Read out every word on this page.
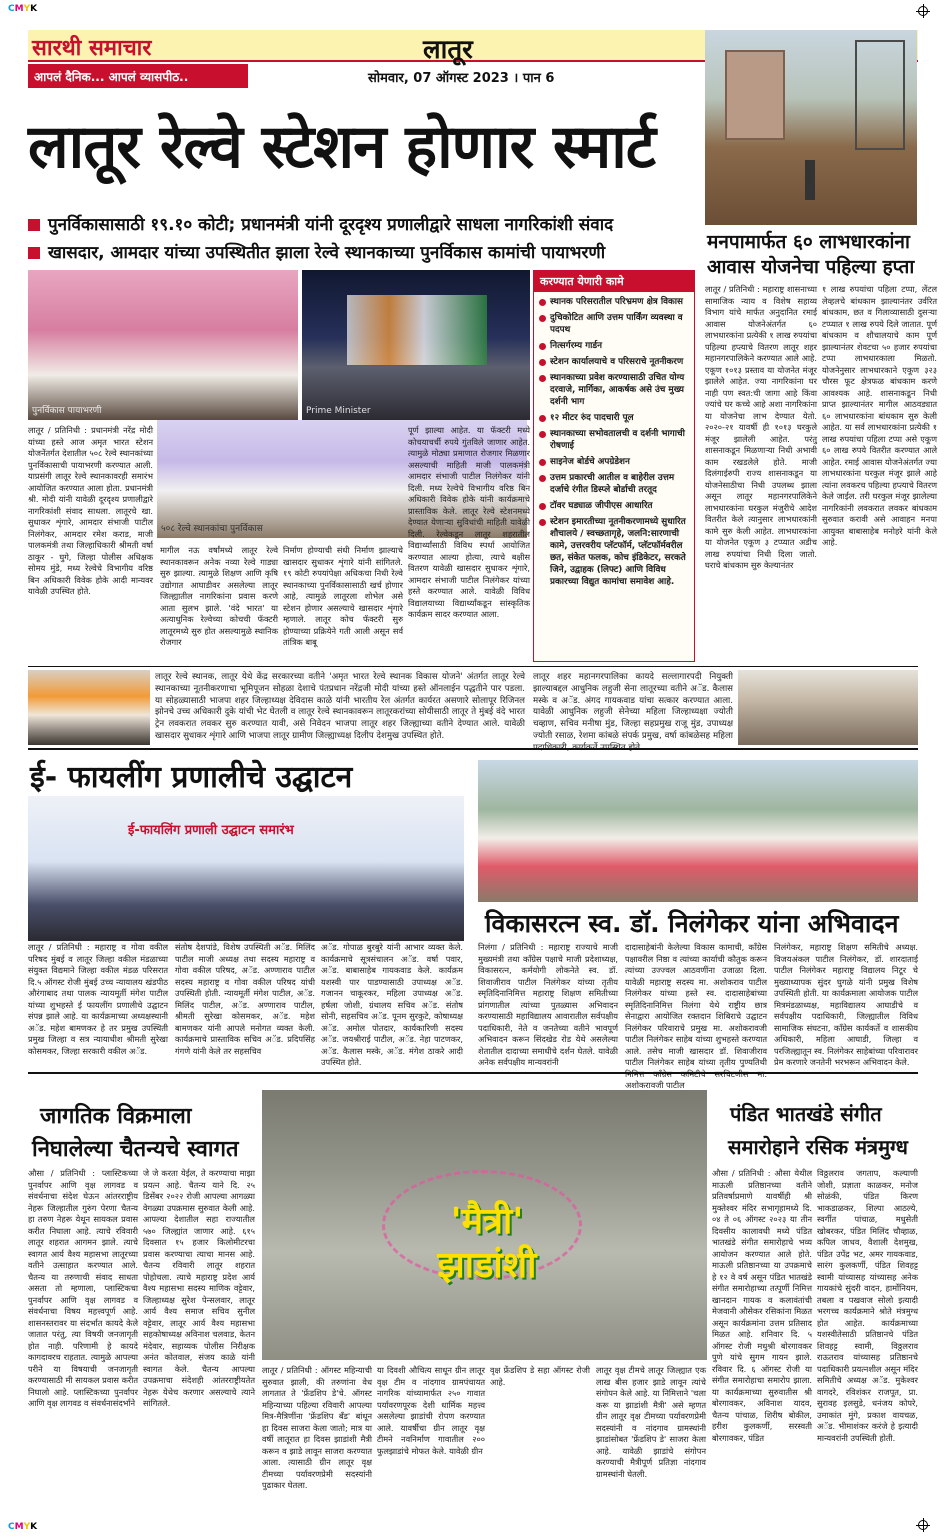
CMYK
CMYK
सारथी समाचार	लातूर
आपलं दैनिक... आपलं व्यासपीठ..	सोमवार, 07 ऑगस्ट 2023 । पान 6
लातूर रेल्वे स्टेशन होणार स्मार्ट
पुनर्विकासासाठी १९.१० कोटी; प्रधानमंत्री यांनी दूरदृश्य प्रणालीद्वारे साधला नागरिकांशी संवाद
खासदार, आमदार यांच्या उपस्थितीत झाला रेल्वे स्थानकाच्या पुनर्विकास कामांची पायाभरणी
पुनर्विकास पायाभरणी	Prime Minister
५०८ रेल्वे स्थानकांचा पुनर्विकास
लातूर / प्रतिनिधी : प्रधानमंत्री नरेंद्र मोदी यांच्या हस्ते आज अमृत भारत स्टेशन योजनेंतर्गत देशातील ५०८ रेल्वे स्थानकांच्या पुनर्विकासाची पायाभरणी करण्यात आली. याप्रसंगी लातूर रेल्वे स्थानकावरही समारंभ आयोजित करण्यात आला होता. प्रधानमंत्री श्री. मोदी यांनी यावेळी दूरदृश्य प्रणालीद्वारे नागरिकांशी संवाद साधला. लातूरचे खा. सुधाकर शृंगारे, आमदार संभाजी पाटील निलंगेकर, आमदार रमेश कराड, माजी पालकमंत्री तथा जिल्हाधिकारी श्रीमती वर्षा ठाकूर - घुगे, जिल्हा पोलीस अधिक्षक सोमय मुंडे, मध्य रेल्वेचे विभागीय वरिष्ठ बिन अधिकारी विवेक होके आदी मान्यवर यावेळी उपस्थित होते.
मागील नऊ वर्षांमध्ये लातूर रेल्वे स्थानकावरून अनेक नव्या रेल्वे गाड्या सुरु झाल्या. त्यामुळे शिक्षण आणि कृषि उद्योगात आघाडीवर असलेल्या लातूर जिल्ह्यातील नागरिकांना प्रवास करणे आता सुलभ झाले. 'वंदे भारत' या अत्याधुनिक रेल्वेच्या कोचची फॅक्टरी लातूरमध्ये सुरु होत असल्यामुळे स्थानिक रोजगार
निर्माण होण्याची संधी निर्माण झाल्याचे खासदार सुधाकर शृंगारे यांनी सांगितले. १९ कोटी रुपयांपेक्षा अधिकचा निधी रेल्वे स्थानकाच्या पुनर्विकासासाठी खर्च होणार आहे, त्यामुळे लातूरला शोभेल असे स्टेशन होणार असल्याचे खासदार शृंगारे म्हणाले. लातूर कोच फॅक्टरी सुरु होण्याच्या प्रक्रियेने गती आली असून सर्व तांत्रिक बाबू
पूर्ण झाल्या आहेत. या फॅक्टरी मध्ये कोचयाचर्ची रुपये गुंतविले जाणार आहेत. त्यामुळे मोठ्या प्रमाणात रोजगार मिळणार असल्याची माहिती माजी पालकमंत्री आमदार संभाजी पाटील निलंगेकर यांनी दिली. मध्य रेल्वेचे विभागीय वरिष्ठ बिन अधिकारी विवेक होके यांनी कार्यक्रमाचे प्रास्ताविक केले. लातूर रेल्वे स्टेशनमध्ये देण्यात येणाऱ्या सुविधांची माहिती यावेळी दिली. रेल्वेकडून लातूर शहरातील विद्यार्थ्यांसाठी विविध स्पर्धा आयोजित करण्यात आल्या होत्या, त्याचे बक्षीस वितरण यावेळी खासदार सुधाकर शृंगारे, आमदार संभाजी पाटील निलंगेकर यांच्या हस्ते करण्यात आले. यावेळी विविध विद्यालयाच्या विद्यार्थ्यांकडून सांस्कृतिक कार्यक्रम सादर करण्यात आला.
करण्यात येणारी कामे
स्थानक परिसरातील परिभ्रमण क्षेत्र विकास
दुचिकोटित आणि उत्तम पार्किंग व्यवस्था व पदपथ
नित्सर्गरम्य गार्डन
स्टेशन कार्यालयाचे व परिसराचे नूतनीकरण
स्थानकाच्या प्रवेश करण्यासाठी उचित योग्य दरवाजे, मार्गिका, आकर्षक असे उंच मुख्य दर्शनी भाग
१२ मीटर रुंद पादचारी पूल
स्थानकाच्या सभोवतालची व दर्शनी भागाची रोषणाई
साइनेज बोर्डचे अपग्रेडेशन
उत्तम प्रकारची आतील व बाहेरील उत्तम दर्जाचे रंगीत डिस्प्ले बोर्डाची तरतूद
टॉवर घड्याळ जीपीएस आधारित
स्टेशन इमारतीच्या नूतनीकरणामध्ये सुधारित शौचालये / स्वच्छतागृहे, जलनि:सारणाची कामे, उत्तरवरीय प्लॅटफॉर्म, प्लॅटफॉर्मवरील छत, संकेत फलक, कोच इंडिकेटर, सरकते जिने, उद्वाहक (लिफ्ट) आणि विविध प्रकारच्या विद्युत कामांचा समावेश आहे.
मनपामार्फत ६० लाभधारकांना आवास योजनेचा पहिल्या हप्ता
लातूर / प्रतिनिधी : महाराष्ट्र शासनाच्या सामाजिक न्याय व विशेष सहाय्य विभाग यांचे मार्फत अनुदानित रमाई आवास योजनेअंतर्गत ६० लाभधारकांना प्रत्येकी १ लाख रुपयांचा पहिल्या हप्त्याचे वितरण लातूर शहर महानगरपालिकेने करण्यात आले आहे. एकूण १०१३ प्रस्ताव या योजनेत मंजूर झालेले आहेत. ज्या नागरिकांना घर नाही पण स्वत:ची जागा आहे किंवा ज्यांचे घर कच्चे आहे अशा नागरिकांना या योजनेचा लाभ देण्यात येतो. २०२०-२१ यावर्षी ही १०१३ घरकुले मंजूर झालेली आहेत. परंतु शासनाकडून मिळणाऱ्या निधी अभावी काम रखडलेले होते. माजी दिलंगाईरुपी राज्य शासनाकडून या योजनेसाठीचा निधी उपलब्ध झाला असून लातूर महानगरपालिकेने लाभधारकांना घरकुल मंजुरीचे आदेश वितरीत केले त्यानुसार लाभधारकांनी कामे सुरु केली आहेत. लाभधारकांना या योजनेत एकूण ३ टप्प्यात अडीच लाख रुपयांचा निधी दिला जातो. घराचे बांधकाम सुरु केल्यानंतर
१ लाख रुपयांचा पहिला टप्पा, लेंटल लेव्हलचे बांधकाम झाल्यानंतर उर्वरित बांधकाम, छत व गिलाव्यासाठी दुसऱ्या टप्प्यात १ लाख रुपये दिले जातात. पूर्ण बांधकाम व शौचालयाचे काम पूर्ण झाल्यानंतर शेवटचा ५० हजार रुपयांचा टप्पा लाभधारकाला मिळतो. योजनेनुसार लाभधारकाने एकूण ३२३ चौरस फूट क्षेत्रफळ बांधकाम करणे आवश्यक आहे. शासनाकडून निधी प्राप्त झाल्यानंतर मागील आठवड्यात ६० लाभधारकांना बांधकाम सुरु केली आहेत. या सर्व लाभधारकांना प्रत्येकी १ लाख रुपयांचा पहिला टप्पा असे एकूण ६० लाख रुपये वितरीत करण्यात आले आहेत. रमाई आवास योजनेअंतर्गत ज्या लाभधारकांना घरकुल मंजूर झाले आहे त्यांना लवकरच पहिल्या हप्त्याचे वितरण केले जाईल. तरी घरकुल मंजूर झालेल्या नागरिकांनी लवकरात लवकर बांधकाम सुरुवात करावी असे आवाहन मनपा आयुक्त बाबासाहेब मनोहरे यांनी केले आहे.
लातूर रेल्वे स्थानक, लातूर येथे केंद्र सरकारच्या वतीने 'अमृत भारत रेल्वे स्थानक विकास योजने' अंतर्गत लातूर रेल्वे स्थानकाच्या नूतनीकरणाचा भूमिपूजन सोहळा देशाचे पंतप्रधान नरेंद्रजी मोदी यांच्या हस्ते ऑनलाईन पद्धतीने पार पडला. या सोहळ्यासाठी भाजपा शहर जिल्हाध्यक्ष देविदास काळे यांनी भारतीय रेल अंतर्गत कार्यरत असणारे सोलापूर रिजिनल झोनचे उच्च अधिकारी दुके यांची भेट घेतली व लातूर रेल्वे स्थानकावरून लातूरकरांच्या सोयीसाठी लातूर ते मुंबई वंदे भारत ट्रेन लवकरात लवकर सुरु करण्यात यावी, असे निवेदन भाजपा लातूर शहर जिल्ह्याच्या वतीने देण्यात आले. यावेळी खासदार सुधाकर शृंगारे आणि भाजपा लातूर ग्रामीण जिल्ह्याध्यक्ष दिलीप देशमुख उपस्थित होते.
लातूर शहर महानगरपालिका कायदे सल्लागारपदी नियुक्ती झाल्याबद्दल आधुनिक लहुजी सेना लातूरच्या वतीने अॅड. कैलास मस्के व अॅड. अंगद गायकवाड यांचा सत्कार करण्यात आला. यावेळी आधुनिक लहुजी सेनेच्या महिला जिल्हाध्यक्षा ज्योती चव्हाण, सचिव मनीषा मुंड, जिल्हा सहप्रमुख राजू मुंड, उपाध्यक्ष ज्योती रसाळ, रेशमा कांबळे संपर्क प्रमुख, वर्षा कांबळेसह महिला
ई- फायलींग प्रणालीचे उद्घाटन
ई-फायलिंग प्रणाली उद्घाटन समारंभ
लातूर / प्रतिनिधी : महाराष्ट्र व गोवा वकील परिषद मुंबई व लातूर जिल्हा वकील मंडळाच्या संयुक्त विद्यमाने जिल्हा वकील मंडळ परिसरात दि.५ ऑगस्ट रोजी मुंबई उच्च न्यायालय खंडपीठ औरंगाबाद तथा पालक न्यायमूर्ती मंगेश पाटील यांच्या शुभहस्ते ई फायलींग प्रणालीचे उद्घाटन संपन्न झाले आहे. या कार्यक्रमाच्या अध्यक्षस्थानी अॅड. महेश बामणकर हे तर प्रमुख उपस्थिती प्रमुख जिल्हा व सत्र न्यायाधीश श्रीमती सुरेखा कोसमकर, जिल्हा सरकारी वकील अॅड.
संतोष देशपांडे, विशेष उपस्थिती अॅड. मिलिंद पाटील माजी अध्यक्ष तथा सदस्य महाराष्ट्र व गोवा वकील परिषद, अॅड. अण्णाराव पाटील सदस्य महाराष्ट्र व गोवा वकील परिषद यांची उपस्थिती होती. न्यायमूर्ती मंगेश पाटील, अॅड. मिलिंद पाटील, अॅड. अण्णाराव पाटील, श्रीमती सुरेखा कोसमकर, अॅड. महेश बामणकर यांनी आपले मनोगत व्यक्त केली. कार्यक्रमाचे प्रास्ताविक सचिव अॅड. प्रदिपसिंह गंगणे यांनी केले तर सहसचिव
अॅड. गोपाळ बुरबुरे यांनी आभार व्यक्त केले. कार्यक्रमाचे सूत्रसंचालन अॅड. वर्षा पवार, अॅड. बाबासाहेब गायकवाड केले. कार्यक्रम यशस्वी पार पाडण्यासाठी उपाध्यक्ष अॅड. गजानन चाकूरकर, महिला उपाध्यक्ष अॅड. हर्षला जोशी, ग्रंथालय सचिव अॅड. संतोष सोनी, सहसचिव अॅड. पूनम सुरकुटे, कोषाध्यक्ष अॅड. अमोल पोतदार, कार्यकारिणी सदस्य अॅड. जयश्रीराई पाटील, अॅड. नेहा पाटणकर, अॅड. कैलास मस्के, अॅड. मंगेश ठाकरे आदी उपस्थित होते.
विकासरत्न स्व. डॉ. निलंगेकर यांना अभिवादन
निलंगा / प्रतिनिधी : महाराष्ट्र राज्याचे माजी मुख्यमंत्री तथा काँग्रेस पक्षाचे माजी प्रदेशाध्यक्ष, विकासरत्न, कर्मयोगी लोकनेते स्व. डॉ. शिवाजीराव पाटील निलंगेकर यांच्या तृतीय स्मृतिदिनानिमित्त महाराष्ट्र शिक्षण समितीच्या प्रांगणातील त्यांच्या पुतळ्यास अभिवादन करण्यासाठी महाविद्यालय आवारातील सर्वपक्षीय पदाधिकारी, नेते व जनतेच्या वतीने भावपूर्ण अभिवादन करून सिंदखेड रोड येथे असलेल्या शेतातील दादाच्या समाधीचे दर्शन घेतले. यावेळी अनेक सर्वपक्षीय मान्यवरांनी
दादासाहेबांनी केलेल्या विकास कामाची, काँग्रेस पक्षावरील निष्ठा व त्यांच्या कार्याची कौतुक करून त्यांच्या उज्ज्वल आठवणींना उजाळा दिला. यावेळी महाराष्ट्र सदस्य मा. अशोकराव पाटील निलंगेकर यांच्या हस्ते स्व. दादासाहेबांच्या स्मृतिदिनानिमित्त निलंगा येथे राष्ट्रीय छात्र सेनाद्वारा आयोजित रक्तदान शिबिराचे उद्घाटन निलंगेकर परिवाराचे प्रमुख मा. अशोकरावजी पाटील निलंगेकर साहेब यांच्या शुभहस्ते करण्यात आले. तसेच माजी खासदार डॉ. शिवाजीराव पाटील निलंगेकर साहेब यांच्या तृतीय पुण्यतिथी अशोकरावजी पाटील
निलंगेकर, महाराष्ट्र शिक्षण समितीचे अध्यक्ष. विजयअंकल पाटील निलंगेकर, डॉ. शारदाताई पाटील निलंगेकर महाराष्ट्र विद्यालय निटूर चे मुख्याध्यापक सुंदर घुगळे यांनी प्रमुख विशेष उपस्थिती होती. या कार्यक्रमाला आयोजक पाटील मित्रमंडळाध्यक्ष, महाविद्यालय आघाडीचे व सर्वपक्षीय पदाधिकारी, जिल्ह्यातील विविध सामाजिक संघटना, कॉंग्रेस कार्यकर्ते व शासकीय अधिकारी, महिला आघाडी, जिल्हा व परजिल्ह्यातून स्व. निलंगेकर साहेबांच्या परिवारावर प्रेम करणारे जनतेनी भरभरून अभिवादन केले.
जागतिक विक्रमाला
निघालेल्या चैतन्यचे स्वागत
औसा / प्रतिनिधी : प्लास्टिकच्या पुनर्वापर आणि वृक्ष लागवड व संवर्धनाचा संदेश घेऊन आंतरराष्ट्रीय नेहरू जिल्हातील गुरुंग पेरणा चैतन्य हा तरुण नेहरू येथून सायकल प्रवास करीत निघाला आहे. त्याचे रविवारी लातूर शहरात आगमन झाले. त्याचे स्वागत आर्य वैश्य महासभा लातूरच्या वतीने उत्साहात करण्यात आले. चैतन्य या तरुणाची संवाद साधता असता तो म्हणाला, प्लास्टिकचा पुनर्वापर आणि वृक्ष लागवड व संवर्धनाचा विषय महत्त्वपूर्ण आहे. शासनस्तरावर या संदर्भात कायदे केले जातात परंतु, त्या विषयी जनजागृती होत नाही. परिणामी हे कायदे कागदावरच राहतात. त्यामुळे आपल्या परीने या विषयाची जनजागृती करण्यासाठी मी सायकल प्रवास करीत निघालो आहे. प्लास्टिकच्या पुनर्वापर आणि वृक्ष लागवड व संवर्धनासंदर्भाने
जे जे करता येईल, ते करण्याचा माझा प्रयत्न आहे. चैतन्य याने दि. २५ डिसेंबर २०२२ रोजी आपल्या आगळ्या वेगळ्या उपक्रमास सुरुवात केली आहे. आपल्या देशातील सहा राज्यातील ५७० जिल्ह्यांत जाणार आहे. ६१५ दिवसात १५ हजार किलोमीटरचा प्रवास करण्याचा त्याचा मानस आहे. चैतन्य रविवारी लातूर शहरात पोहोचला. त्याचे महाराष्ट्र प्रदेश आर्य वैश्य महासभा सदस्य माणिक वट्टेवार, जिल्हाध्यक्ष सुरेश पेन्सलवार, लातूर आर्य वैश्य समाज सचिव सुनील वट्टेवार, लातूर आर्य वैश्य महासभा सहकोषाध्यक्ष अविनाश चलवाड, केतन मंदेवार, सहाय्यक पोलीस निरीक्षक अनंत कोतवाल, संजय काळे यांनी स्वागत केले. चैतन्य आपल्या उपक्रमाचा संदेशही आंतरराष्ट्रीयतेत नेहरू येथेच करणार असल्याचे त्याने सांगितले.
'मैत्री' झाडांशी
लातूर / प्रतिनिधी : ऑगस्ट महिन्याची सुरुवात झाली, की तरुणांना वेध लागतात ते 'फ्रेंडशिप डे'चे. ऑगस्ट महिन्याच्या पहिल्या रविवारी आपल्या मित्र-मैत्रिणींना 'फ्रेंडशिप बँड' बांधून हा दिवस साजरा केला जातो; मात्र या वर्षी लातूरात हा दिवस झाडांशी मैत्री करून व झाडे लावून साजरा करण्यात आला. त्यासाठी ग्रीन लातूर वृक्ष टीमच्या पर्यावरणप्रेमी सदस्यांनी पुढाकार घेतला.
या दिवशी औचित्य साधून ग्रीन लातूर वृक्ष टीम व नांदगाव ग्रामपंचायत नागरिक यांच्यामार्फत २५० गावात पर्यावरणपूरक देशी धार्मिक महत्त्व असलेल्या झाडांची रोपण करण्यात आले. यावर्षीचा ग्रीन लातूर वृक्ष टीमने नवनिर्माण गावातील २०० फुलझाडांचे मोफत केले. यावेळी ग्रीन
वृक्ष फ्रेंडशिप डे सहा ऑगस्ट रोजी आहे.
लातूर वृक्ष टीमचे लातूर जिल्ह्यात एक लाख बीस हजार झाडे लावून त्यांचे संगोपन केले आहे. या निमित्ताने 'चला करू या झाडांशी मैत्री' असे म्हणत ग्रीन लातूर वृक्ष टीमच्या पर्यावरणप्रेमी सदस्यांनी व नांदगाव ग्रामस्थांनी झाडांसोबत 'फ्रेंडशिप डे' साजरा केला आहे. यावेळी झाडांचे संगोपन करण्याची मैत्रीपूर्ण प्रतिज्ञा नांदगाव ग्रामस्थांनी घेतली.
पंडित भातखंडे संगीत
समारोहाने रसिक मंत्रमुग्ध
औसा / प्रतिनिधी : औसा येथील माऊली प्रतिष्ठानच्या वतीने प्रतिवर्षाप्रमाणे यावर्षीही श्री मुक्तेश्वर मंदिर सभागृहामध्ये दि. ०४ ते ०६ ऑगस्ट २०२३ या तीन दिवसीय कालावधी मध्ये पंडित भातखंडे संगीत समारोहाचे भव्य आयोजन करण्यात आले होते. माऊली प्रतिष्ठानच्या या उपक्रमाचे हे १२ वे वर्ष असून पंडित भातखंडे संगीत समारोहाच्या तत्पूर्णी निमित्त खानदान गायक व कलावंतांची मेजवानी औसेकर रसिकांना मिळत असून कार्यक्रमांना उत्तम प्रतिसाद मिळत आहे. शनिवार दि. ५ ऑगस्ट रोजी मधुश्री बोरगावकर पुणे यांचे सुगम गायन झाले. रविवार दि. ६ ऑगस्ट रोजी या संगीत समारोहाचा समारोप झाला. या कार्यक्रमाच्या सुरुवातीस श्री बोरगावकर, अविनाश यादव, चैतन्य पांचाळ, शिरीष बोकील, हरीश कुलकर्णी, सरस्वती बोरगावकर, पंडित
विठ्ठलराव जगताप, कल्याणी जोशी, प्रज्ञाता काळकर, मनोज सोळंकी, पंडित किरण भाकडाळकर, शिल्पा आठल्ये, स्वर्गीत पांचाळ, मधुसेती खोबरकर, पंडित मिलिंद चौव्हाळ, कपिल जाधव, वैशाली देशमुख, पंडित उपेंद्र भट, अमर गायकवाड, सारंग कुलकर्णी, पंडित शिवहट्ट स्वामी यांच्यासह यांच्यासह अनेक गायकांचे सुंदरी वादन, हार्मोनियम, तबला व पखवाज सोलो इत्यादी भरगच्च कार्यक्रमाने श्रोते मंत्रमुग्ध होत आहेत. कार्यक्रमाच्या यशस्वीतेसाठी प्रतिष्ठानचे पंडित शिवहट्ट स्वामी, विठ्ठलराव राऊतराव यांच्यासह प्रतिष्ठानचे पदाधिकारी प्रयत्नशील असून मंदिर समितीचे अध्यक्ष अॅड. मुकेश्वर वागदरे, रविशंकर राजपूत, प्रा. सुरावह इलसुडे, धनंजय कोपरे, उमाकांत मुंगे, प्रकाश वायचळ, अॅड. भीमाशंकर करंजे हे इत्यादी मान्यवरांनी उपस्थिती होती.
